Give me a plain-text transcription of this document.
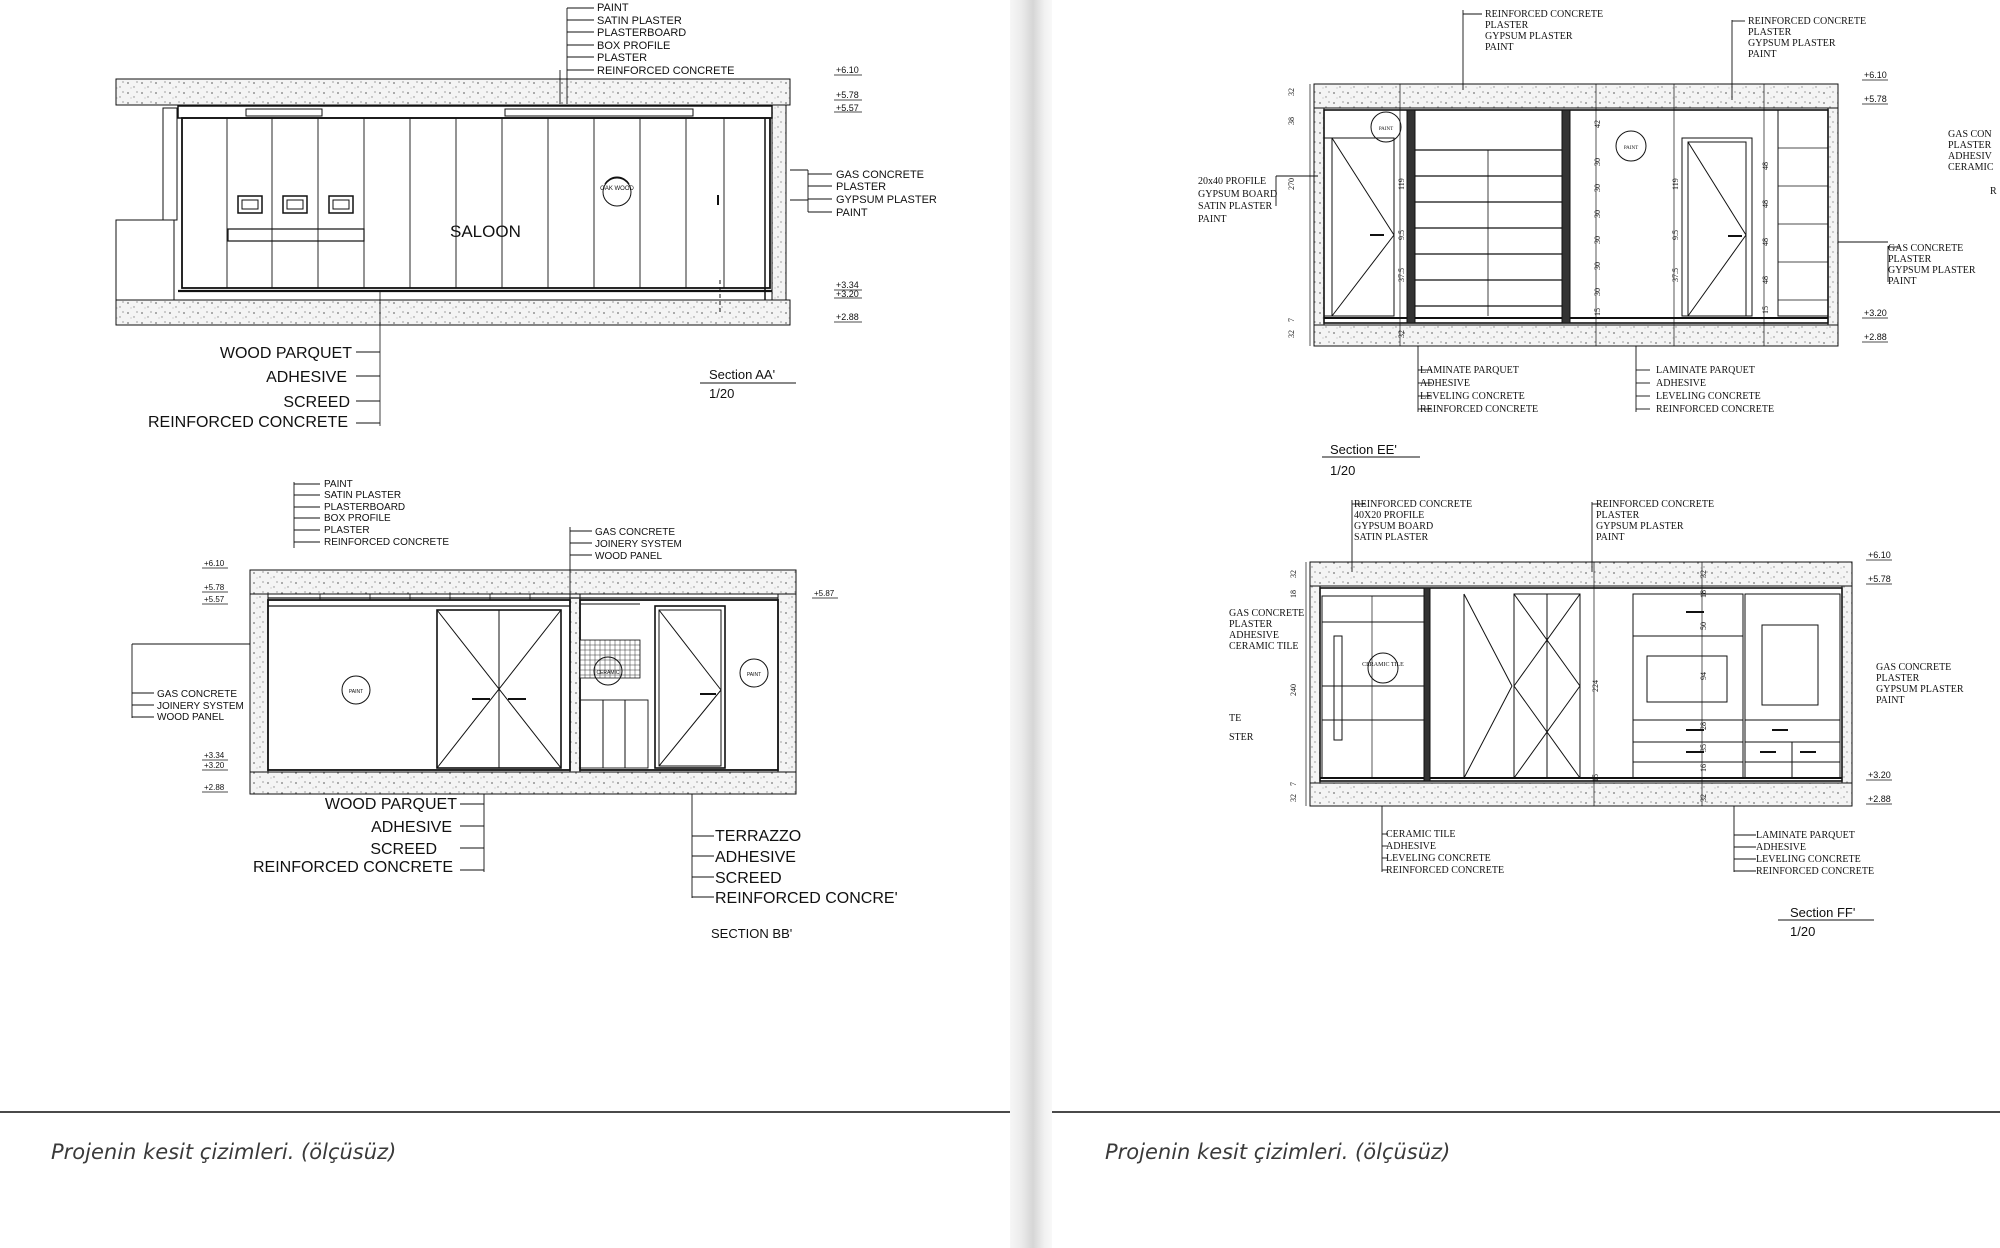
SALOON
OAK WOOD
PAINT
SATIN PLASTER
PLASTERBOARD
BOX PROFILE
PLASTER
REINFORCED CONCRETE
GAS CONCRETE
PLASTER
GYPSUM PLASTER
PAINT
WOOD PARQUET
ADHESIVE
SCREED
REINFORCED CONCRETE
+6.10
+5.78
+5.57
+3.34
+3.20
+2.88
Section AA'
1/20
PAINT
CERAMIC	PAINT
PAINT
SATIN PLASTER
PLASTERBOARD
BOX PROFILE
PLASTER
REINFORCED CONCRETE
GAS CONCRETE
JOINERY SYSTEM
WOOD PANEL
GAS CONCRETE
JOINERY SYSTEM
WOOD PANEL
WOOD PARQUET
ADHESIVE
SCREED
REINFORCED CONCRETE
TERRAZZO
ADHESIVE
SCREED
REINFORCED CONCRE'
+6.10
+5.78
+5.57
+3.34
+3.20
+2.88
+5.87
SECTION BB'
Projenin kesit çizimleri. (ölçüsüz)
PAINT
PAINT
REINFORCED CONCRETE
PLASTER
GYPSUM PLASTER
PAINT
REINFORCED CONCRETE
PLASTER
GYPSUM PLASTER
PAINT
20x40 PROFILE
GYPSUM BOARD
SATIN PLASTER
PAINT
GAS CONCRETE
PLASTER
GYPSUM PLASTER
PAINT
GAS CON
PLASTER
ADHESIV
CERAMIC
R
+6.10
+5.78
+3.20
+2.88
32
38
270
7
32
119
9.5
37.5
32
42
30
30
30
30
30
30
15
119
9.5
37.5
48
48
48
48
15
LAMINATE PARQUET
ADHESIVE
LEVELING CONCRETE
REINFORCED CONCRETE
LAMINATE PARQUET
ADHESIVE
LEVELING CONCRETE
REINFORCED CONCRETE
Section EE'
1/20
CERAMIC TILE
REINFORCED CONCRETE
40X20 PROFILE
GYPSUM BOARD
SATIN PLASTER
REINFORCED CONCRETE
PLASTER
GYPSUM PLASTER
PAINT
GAS CONCRETE
PLASTER
ADHESIVE
CERAMIC TILE
TE
STER
GAS CONCRETE
PLASTER
GYPSUM PLASTER
PAINT
+6.10
+5.78
+3.20
+2.88
32
18
240
7
32
224
15
32
18
50
94
28
35
16
32
CERAMIC TILE
ADHESIVE
LEVELING CONCRETE
REINFORCED CONCRETE
LAMINATE PARQUET
ADHESIVE
LEVELING CONCRETE
REINFORCED CONCRETE
Section FF'
1/20
Projenin kesit çizimleri. (ölçüsüz)
